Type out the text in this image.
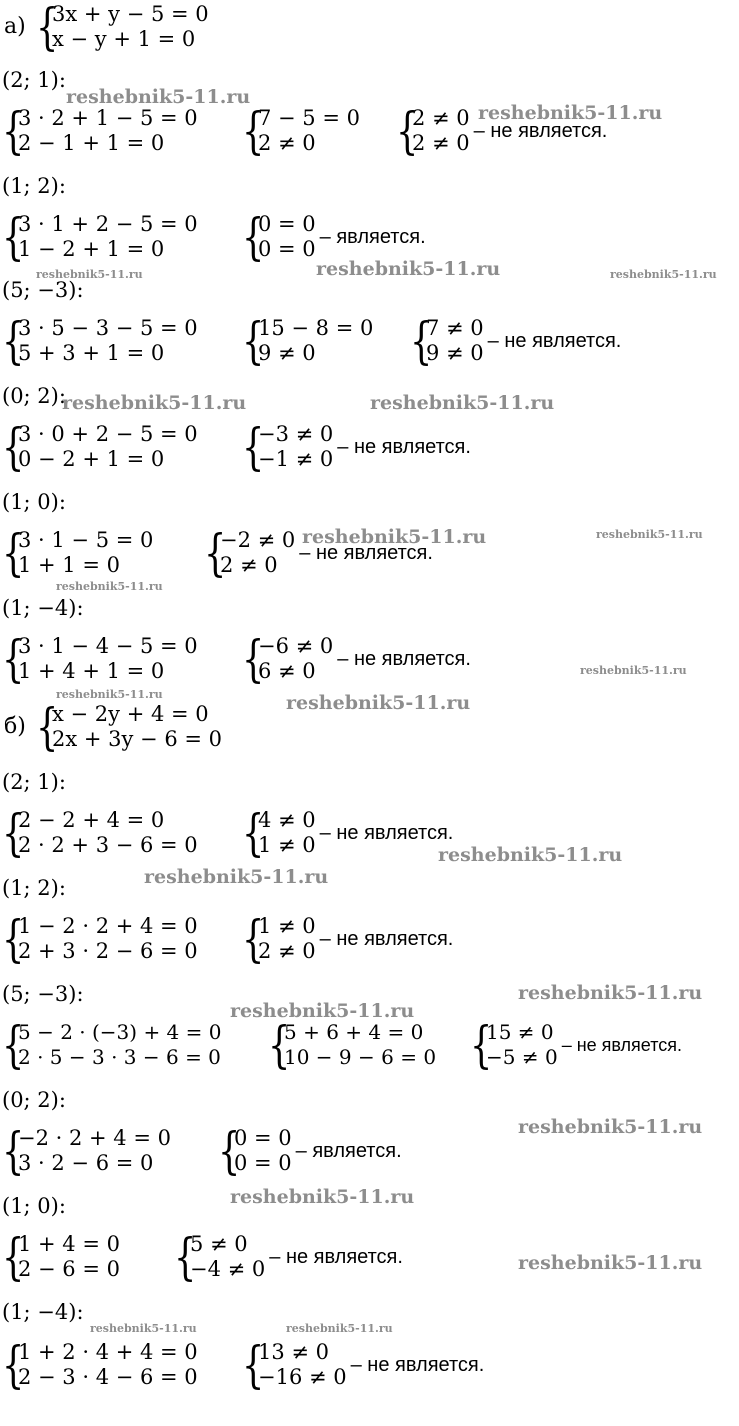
а) {
3x + y − 5 = 0
x − y + 1 = 0
(2; 1):
{
3 · 2 + 1 − 5 = 0
2 − 1 + 1 = 0	{
7 − 5 = 0
2 ≠ 0	{
2 ≠ 0
2 ≠ 0
– не является.
(1; 2):
{
3 · 1 + 2 − 5 = 0
1 − 2 + 1 = 0	{
0 = 0
0 = 0
– является.
(5; −3):
{
3 · 5 − 3 − 5 = 0
5 + 3 + 1 = 0	{
15 − 8 = 0
9 ≠ 0	{
7 ≠ 0
9 ≠ 0
– не является.
(0; 2):
{
3 · 0 + 2 − 5 = 0
0 − 2 + 1 = 0	{
−3 ≠ 0
−1 ≠ 0
– не является.
(1; 0):
{
3 · 1 − 5 = 0
1 + 1 = 0	{
−2 ≠ 0
2 ≠ 0
– не является.
(1; −4):
{
3 · 1 − 4 − 5 = 0
1 + 4 + 1 = 0	{
−6 ≠ 0
6 ≠ 0
– не является.
б) {
x − 2y + 4 = 0
2x + 3y − 6 = 0
(2; 1):
{
2 − 2 + 4 = 0
2 · 2 + 3 − 6 = 0 {
4 ≠ 0
1 ≠ 0
– не является.
(1; 2):
{
1 − 2 · 2 + 4 = 0
2 + 3 · 2 − 6 = 0 {
1 ≠ 0
2 ≠ 0
– не является.
(5; −3):
{
5 − 2 · (−3) + 4 = 0
2 · 5 − 3 · 3 − 6 = 0 {
5 + 6 + 4 = 0
10 − 9 − 6 = 0 {
15 ≠ 0
−5 ≠ 0
– не является.
(0; 2):
{
−2 · 2 + 4 = 0
3 · 2 − 6 = 0	{
0 = 0
0 = 0
– является.
(1; 0):
{
1 + 4 = 0
2 − 6 = 0 {
5 ≠ 0
−4 ≠ 0
– не является.
(1; −4):
{
1 + 2 · 4 + 4 = 0
2 − 3 · 4 − 6 = 0 {
13 ≠ 0
−16 ≠ 0
– не является.
reshebnik5-11.ru
reshebnik5-11.ru
reshebnik5-11.ru	reshebnik5-11.ru	reshebnik5-11.ru
reshebnik5-11.ru	reshebnik5-11.ru
reshebnik5-11.ru	reshebnik5-11.ru
reshebnik5-11.ru
reshebnik5-11.ru
reshebnik5-11.ru	reshebnik5-11.ru
reshebnik5-11.ru
reshebnik5-11.ru
reshebnik5-11.ru
reshebnik5-11.ru
reshebnik5-11.ru
reshebnik5-11.ru
reshebnik5-11.ru
reshebnik5-11.ru	reshebnik5-11.ru
